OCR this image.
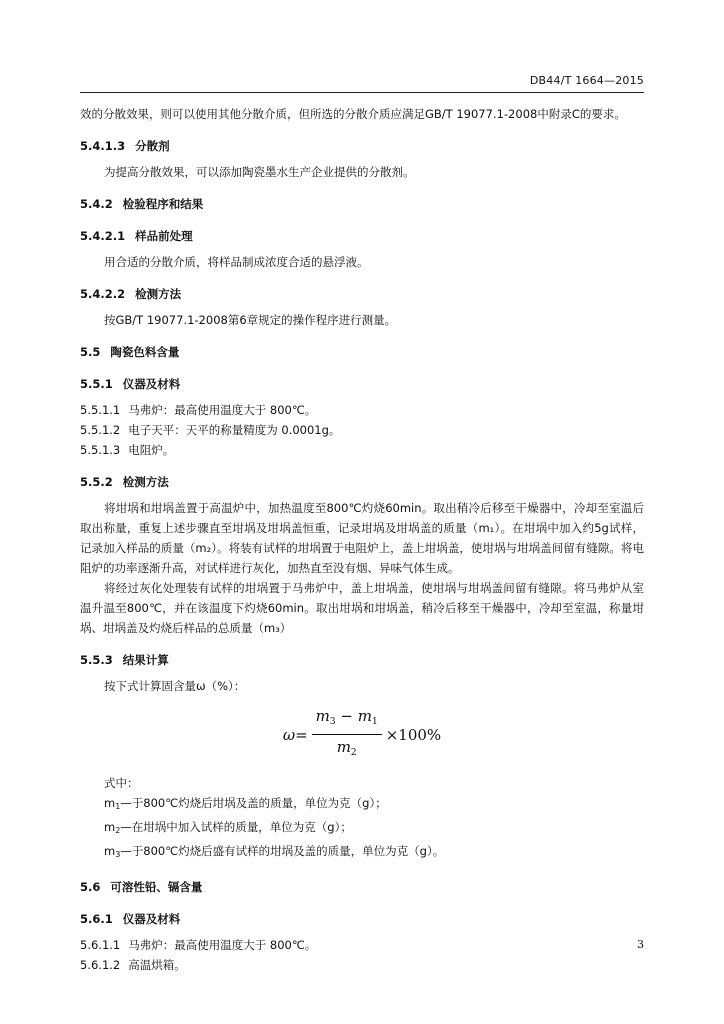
DB44/T 1664—2015

效的分散效果，则可以使用其他分散介质，但所选的分散介质应满足GB/T 19077.1-2008中附录C的要求。

5.4.1.3 分散剂

为提高分散效果，可以添加陶瓷墨水生产企业提供的分散剂。

5.4.2 检验程序和结果
5.4.2.1 样品前处理

用合适的分散介质，将样品制成浓度合适的悬浮液。

5.4.2.2 检测方法

按GB/T 19077.1-2008第6章规定的操作程序进行测量。

5.5 陶瓷色料含量
5.5.1 仪器及材料
5.5.1.1 马弗炉：最高使用温度大于 800℃。
5.5.1.2 电子天平：天平的称量精度为 0.0001g。
5.5.1.3 电阻炉。
5.5.2 检测方法

将坩埚和坩埚盖置于高温炉中，加热温度至800℃灼烧60min。取出稍冷后移至干燥器中，冷却至室温后取出称量，重复上述步骤直至坩埚及坩埚盖恒重，记录坩埚及坩埚盖的质量（m₁）。在坩埚中加入约5g试样，记录加入样品的质量（m₂）。将装有试样的坩埚置于电阻炉上，盖上坩埚盖，使坩埚与坩埚盖间留有缝隙。将电阻炉的功率逐渐升高，对试样进行灰化，加热直至没有烟、异味气体生成。

将经过灰化处理装有试样的坩埚置于马弗炉中，盖上坩埚盖，使坩埚与坩埚盖间留有缝隙。将马弗炉从室温升温至800℃，并在该温度下灼烧60min。取出坩埚和坩埚盖，稍冷后移至干燥器中，冷却至室温，称量坩埚、坩埚盖及灼烧后样品的总质量（m₃）

5.5.3 结果计算

按下式计算固含量ω（%）：

$\omega = \frac{m_3 - m_1}{m_2} \times 100\%$
式中：
m1—于800℃灼烧后坩埚及盖的质量，单位为克（g）；
m2—在坩埚中加入试样的质量，单位为克（g）；
m3—于800℃灼烧后盛有试样的坩埚及盖的质量，单位为克（g）。
5.6 可溶性铅、镉含量
5.6.1 仪器及材料
5.6.1.1 马弗炉：最高使用温度大于 800℃。
5.6.1.2 高温烘箱。
3
